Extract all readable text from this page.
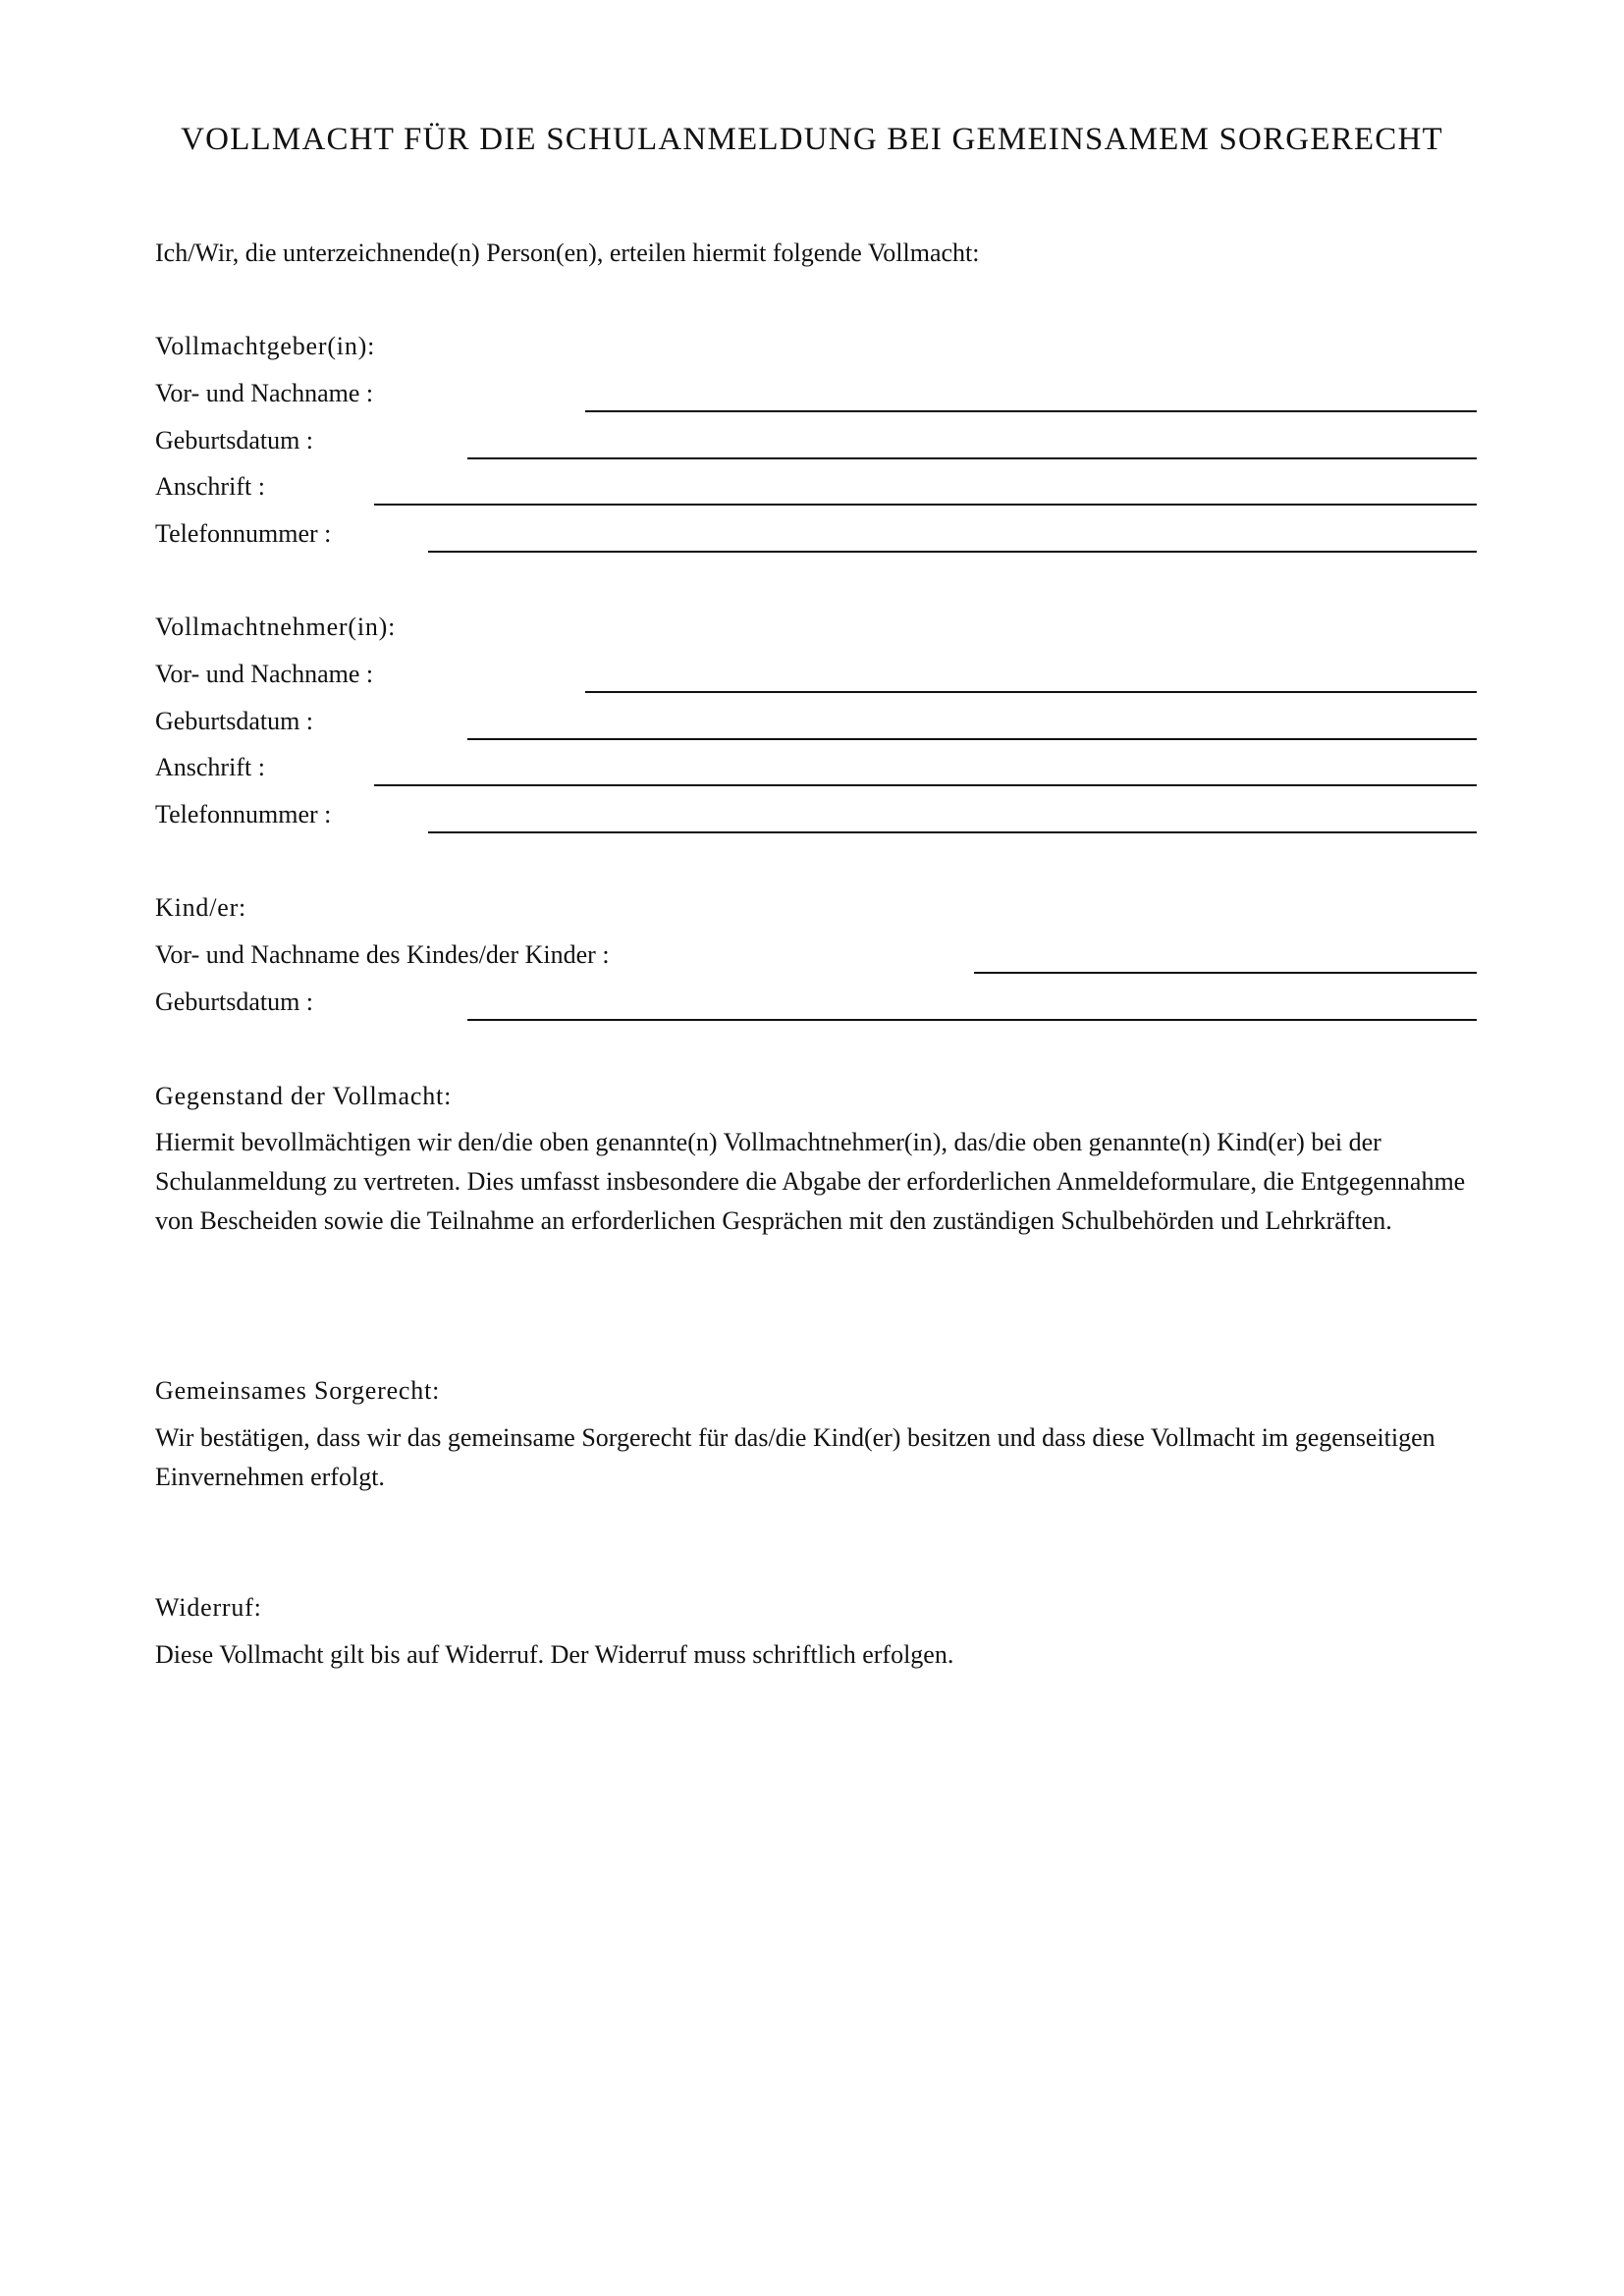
VOLLMACHT FÜR DIE SCHULANMELDUNG BEI GEMEINSAMEM SORGERECHT
Ich/Wir, die unterzeichnende(n) Person(en), erteilen hiermit folgende Vollmacht:
Vollmachtgeber(in):
Vor- und Nachname :
Geburtsdatum :
Anschrift :
Telefonnummer :
Vollmachtnehmer(in):
Vor- und Nachname :
Geburtsdatum :
Anschrift :
Telefonnummer :
Kind/er:
Vor- und Nachname des Kindes/der Kinder :
Geburtsdatum :
Gegenstand der Vollmacht:
Hiermit bevollmächtigen wir den/die oben genannte(n) Vollmachtnehmer(in), das/die oben genannte(n) Kind(er) bei der Schulanmeldung zu vertreten. Dies umfasst insbesondere die Abgabe der erforderlichen Anmeldeformulare, die Entgegennahme von Bescheiden sowie die Teilnahme an erforderlichen Gesprächen mit den zuständigen Schulbehörden und Lehrkräften.
Gemeinsames Sorgerecht:
Wir bestätigen, dass wir das gemeinsame Sorgerecht für das/die Kind(er) besitzen und dass diese Vollmacht im gegenseitigen Einvernehmen erfolgt.
Widerruf:
Diese Vollmacht gilt bis auf Widerruf. Der Widerruf muss schriftlich erfolgen.
